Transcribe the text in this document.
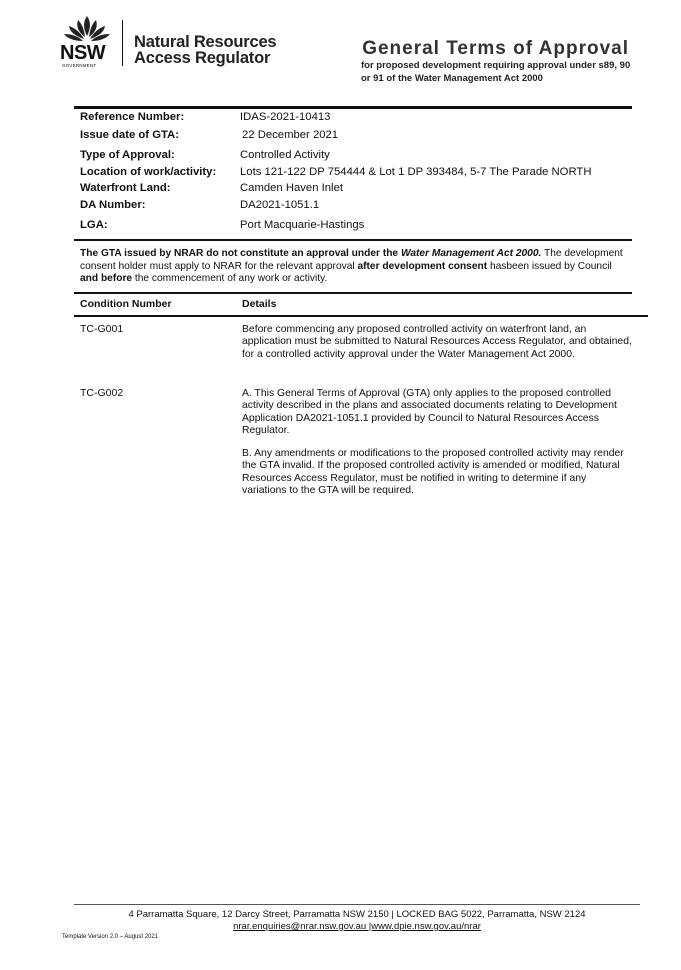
NSW
GOVERNMENT
Natural Resources
Access Regulator	General Terms of Approval
for proposed development requiring approval under s89, 90 or 91 of the Water Management Act 2000
Reference Number:	IDAS-2021-10413
Issue date of GTA:	22 December 2021
Type of Approval:	Controlled Activity
Location of work/activity: Lots 121-122 DP 754444 & Lot 1 DP 393484, 5-7 The Parade NORTH
Waterfront Land:	Camden Haven Inlet
DA Number:	DA2021-1051.1
LGA:	Port Macquarie-Hastings
The GTA issued by NRAR do not constitute an approval under the Water Management Act 2000. The development consent holder must apply to NRAR for the relevant approval after development consent hasbeen issued by Council and before the commencement of any work or activity.
Condition Number	Details
TC-G001	Before commencing any proposed controlled activity on waterfront land, an application must be submitted to Natural Resources Access Regulator, and obtained, for a controlled activity approval under the Water Management Act 2000.
TC-G002	A. This General Terms of Approval (GTA) only applies to the proposed controlled activity described in the plans and associated documents relating to Development Application DA2021-1051.1 provided by Council to Natural Resources Access Regulator.
B. Any amendments or modifications to the proposed controlled activity may render the GTA invalid. If the proposed controlled activity is amended or modified, Natural Resources Access Regulator, must be notified in writing to determine if any variations to the GTA will be required.
4 Parramatta Square, 12 Darcy Street, Parramatta NSW 2150 | LOCKED BAG 5022, Parramatta, NSW 2124
nrar.enquiries@nrar.nsw.gov.au |www.dpie.nsw.gov.au/nrar
Template Version 2.0 – August 2021
